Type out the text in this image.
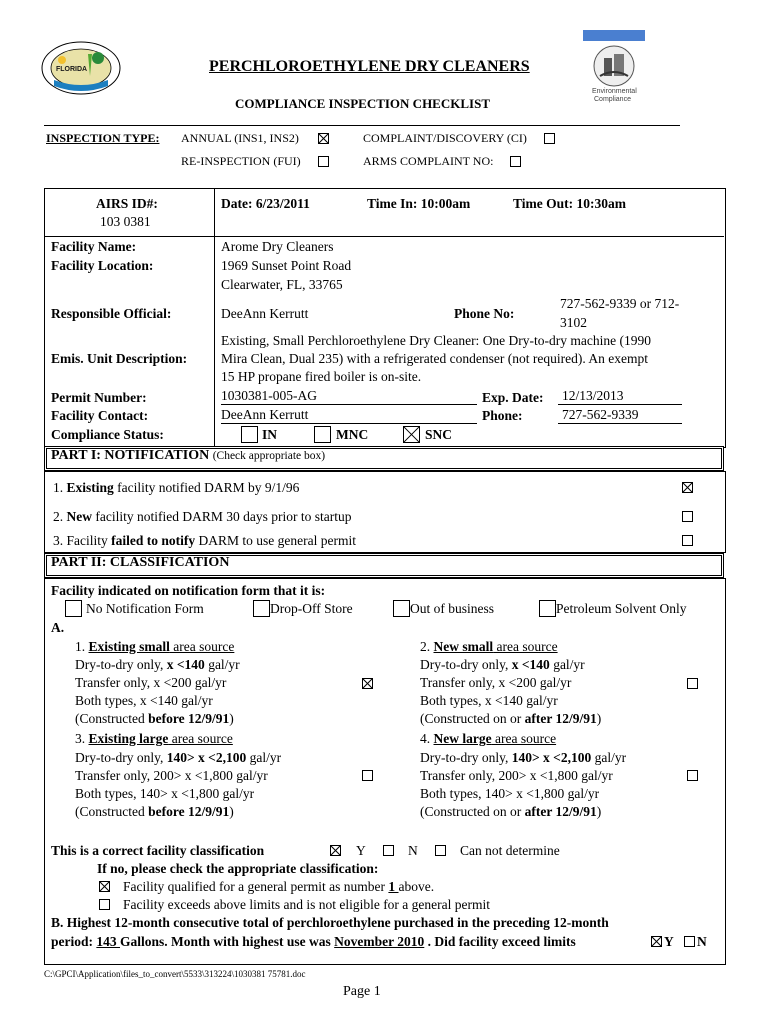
FLORIDA
Environmental
Compliance
PERCHLOROETHYLENE DRY CLEANERS
COMPLIANCE INSPECTION CHECKLIST
INSPECTION TYPE: ANNUAL (INS1, INS2)	COMPLAINT/DISCOVERY (CI)
RE-INSPECTION (FUI)	ARMS COMPLAINT NO:
AIRS ID#:
103 0381
Date: 6/23/2011	Time In: 10:00am	Time Out: 10:30am
Facility Name:	Arome Dry Cleaners
Facility Location:	1969 Sunset Point Road
Clearwater, FL, 33765
Responsible Official:	DeeAnn Kerrutt	Phone No:
727-562-9339 or 712-
3102
Emis. Unit Description:
Existing, Small Perchloroethylene Dry Cleaner: One Dry-to-dry machine (1990
Mira Clean, Dual 235) with a refrigerated condenser (not required). An exempt
15 HP propane fired boiler is on-site.
Permit Number:	1030381-005-AG	Exp. Date: 12/13/2013
Facility Contact:	DeeAnn Kerrutt	Phone:	727-562-9339
Compliance Status:	IN	MNC	SNC
PART I: NOTIFICATION (Check appropriate box)
1. Existing facility notified DARM by 9/1/96
2. New facility notified DARM 30 days prior to startup
3. Facility failed to notify DARM to use general permit
PART II: CLASSIFICATION
Facility indicated on notification form that it is:
No Notification Form	Drop-Off Store	Out of business	Petroleum Solvent Only
A.
1. Existing small area source
Dry-to-dry only, x <140 gal/yr
Transfer only, x <200 gal/yr
Both types, x <140 gal/yr
(Constructed before 12/9/91)
2. New small area source
Dry-to-dry only, x <140 gal/yr
Transfer only, x <200 gal/yr
Both types, x <140 gal/yr
(Constructed on or after 12/9/91)
3. Existing large area source
Dry-to-dry only, 140> x <2,100 gal/yr
Transfer only, 200> x <1,800 gal/yr
Both types, 140> x <1,800 gal/yr
(Constructed before 12/9/91)
4. New large area source
Dry-to-dry only, 140> x <2,100 gal/yr
Transfer only, 200> x <1,800 gal/yr
Both types, 140> x <1,800 gal/yr
(Constructed on or after 12/9/91)
This is a correct facility classification	Y	N	Can not determine
If no, please check the appropriate classification:
Facility qualified for a general permit as number 1 above.
Facility exceeds above limits and is not eligible for a general permit
B. Highest 12-month consecutive total of perchloroethylene purchased in the preceding 12-month
period: 143 Gallons. Month with highest use was November 2010 . Did facility exceed limits	Y N
C:\GPCI\Application\files_to_convert\5533\313224\1030381 75781.doc
Page 1
